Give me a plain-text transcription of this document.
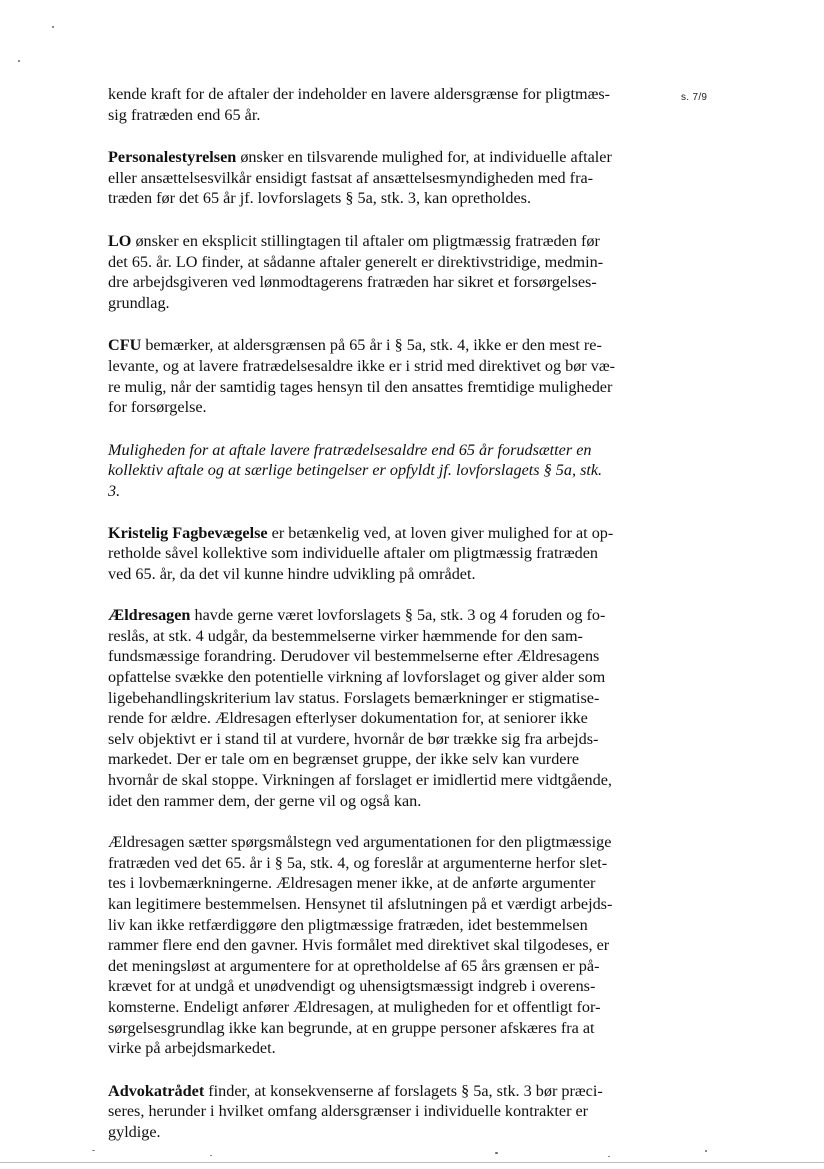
s. 7/9

kende kraft for de aftaler der indeholder en lavere aldersgrænse for pligtmæs-
sig fratræden end 65 år.

Personalestyrelsen ønsker en tilsvarende mulighed for, at individuelle aftaler
eller ansættelsesvilkår ensidigt fastsat af ansættelsesmyndigheden med fra-
træden før det 65 år jf. lovforslagets § 5a, stk. 3, kan opretholdes.

LO ønsker en eksplicit stillingtagen til aftaler om pligtmæssig fratræden før
det 65. år. LO finder, at sådanne aftaler generelt er direktivstridige, medmin-
dre arbejdsgiveren ved lønmodtagerens fratræden har sikret et forsørgelses-
grundlag.

CFU bemærker, at aldersgrænsen på 65 år i § 5a, stk. 4, ikke er den mest re-
levante, og at lavere fratrædelsesaldre ikke er i strid med direktivet og bør væ-
re mulig, når der samtidig tages hensyn til den ansattes fremtidige muligheder
for forsørgelse.

Muligheden for at aftale lavere fratrædelsesaldre end 65 år forudsætter en
kollektiv aftale og at særlige betingelser er opfyldt jf. lovforslagets § 5a, stk.
3.

Kristelig Fagbevægelse er betænkelig ved, at loven giver mulighed for at op-
retholde såvel kollektive som individuelle aftaler om pligtmæssig fratræden
ved 65. år, da det vil kunne hindre udvikling på området.

Ældresagen havde gerne været lovforslagets § 5a, stk. 3 og 4 foruden og fo-
reslås, at stk. 4 udgår, da bestemmelserne virker hæmmende for den sam-
fundsmæssige forandring. Derudover vil bestemmelserne efter Ældresagens
opfattelse svække den potentielle virkning af lovforslaget og giver alder som
ligebehandlingskriterium lav status. Forslagets bemærkninger er stigmatise-
rende for ældre. Ældresagen efterlyser dokumentation for, at seniorer ikke
selv objektivt er i stand til at vurdere, hvornår de bør trække sig fra arbejds-
markedet. Der er tale om en begrænset gruppe, der ikke selv kan vurdere
hvornår de skal stoppe. Virkningen af forslaget er imidlertid mere vidtgående,
idet den rammer dem, der gerne vil og også kan.

Ældresagen sætter spørgsmålstegn ved argumentationen for den pligtmæssige
fratræden ved det 65. år i § 5a, stk. 4, og foreslår at argumenterne herfor slet-
tes i lovbemærkningerne. Ældresagen mener ikke, at de anførte argumenter
kan legitimere bestemmelsen. Hensynet til afslutningen på et værdigt arbejds-
liv kan ikke retfærdiggøre den pligtmæssige fratræden, idet bestemmelsen
rammer flere end den gavner. Hvis formålet med direktivet skal tilgodeses, er
det meningsløst at argumentere for at opretholdelse af 65 års grænsen er på-
krævet for at undgå et unødvendigt og uhensigtsmæssigt indgreb i overens-
komsterne. Endeligt anfører Ældresagen, at muligheden for et offentligt for-
sørgelsesgrundlag ikke kan begrunde, at en gruppe personer afskæres fra at
virke på arbejdsmarkedet.

Advokatrådet finder, at konsekvenserne af forslagets § 5a, stk. 3 bør præci-
seres, herunder i hvilket omfang aldersgrænser i individuelle kontrakter er
gyldige.
